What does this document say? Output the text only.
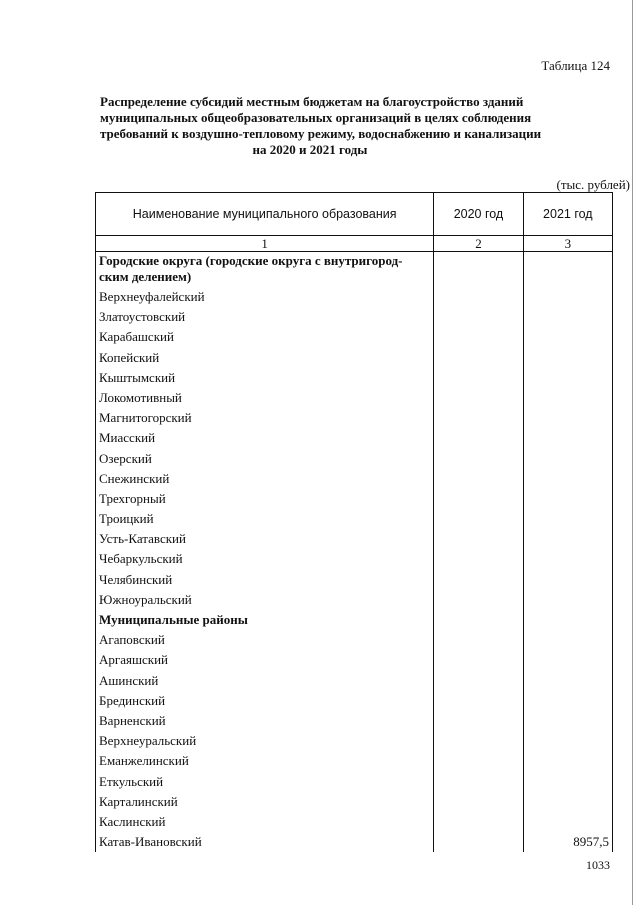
Таблица 124
Распределение субсидий местным бюджетам на благоустройство зданий
муниципальных общеобразовательных организаций в целях соблюдения
требований к воздушно-тепловому режиму, водоснабжению и канализации
на 2020 и 2021 годы
(тыс. рублей)
Наименование муниципального образования	2020 год	2021 год
1	2	3
Городские округа (городские округа с внутригород-ским делением)		
Верхнеуфалейский		
Златоустовский		
Карабашский		
Копейский		
Кыштымский		
Локомотивный		
Магнитогорский		
Миасский		
Озерский		
Снежинский		
Трехгорный		
Троицкий		
Усть-Катавский		
Чебаркульский		
Челябинский		
Южноуральский		
Муниципальные районы		
Агаповский		
Аргаяшский		
Ашинский		
Брединский		
Варненский		
Верхнеуральский		
Еманжелинский		
Еткульский		
Карталинский		
Каслинский		
Катав-Ивановский		8957,5
1033
